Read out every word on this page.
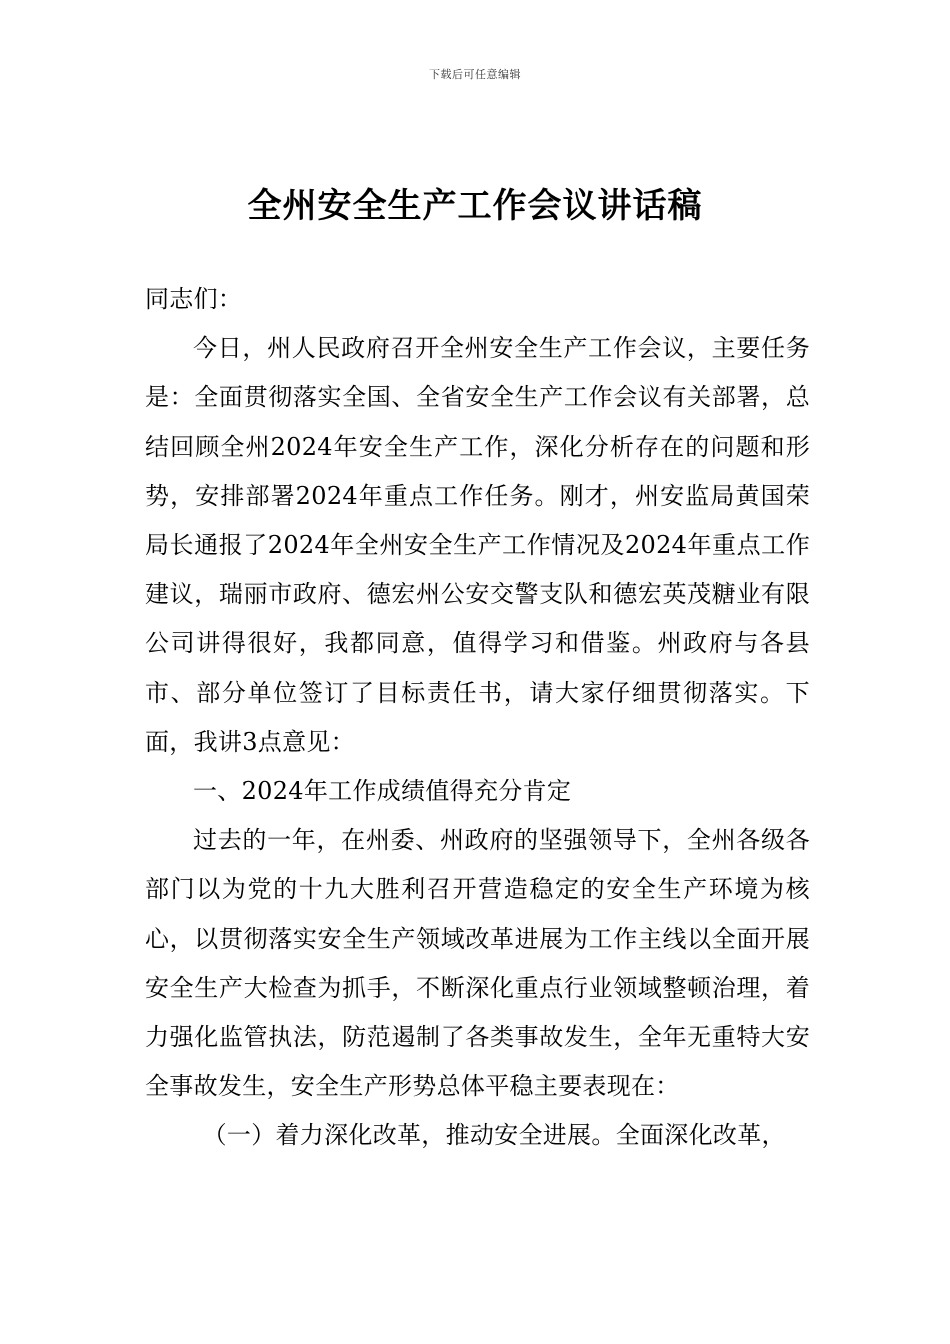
下载后可任意编辑
全州安全生产工作会议讲话稿

同志们：

今日，州人民政府召开全州安全生产工作会议，主要任务是：全面贯彻落实全国、全省安全生产工作会议有关部署，总结回顾全州2024年安全生产工作，深化分析存在的问题和形势，安排部署2024年重点工作任务。刚才，州安监局黄国荣局长通报了2024年全州安全生产工作情况及2024年重点工作建议，瑞丽市政府、德宏州公安交警支队和德宏英茂糖业有限公司讲得很好，我都同意，值得学习和借鉴。州政府与各县市、部分单位签订了目标责任书，请大家仔细贯彻落实。下面，我讲3点意见：

一、2024年工作成绩值得充分肯定

过去的一年，在州委、州政府的坚强领导下，全州各级各部门以为党的十九大胜利召开营造稳定的安全生产环境为核心，以贯彻落实安全生产领域改革进展为工作主线以全面开展安全生产大检查为抓手，不断深化重点行业领域整顿治理，着力强化监管执法，防范遏制了各类事故发生，全年无重特大安全事故发生，安全生产形势总体平稳主要表现在：

（一）着力深化改革，推动安全进展。全面深化改革，
